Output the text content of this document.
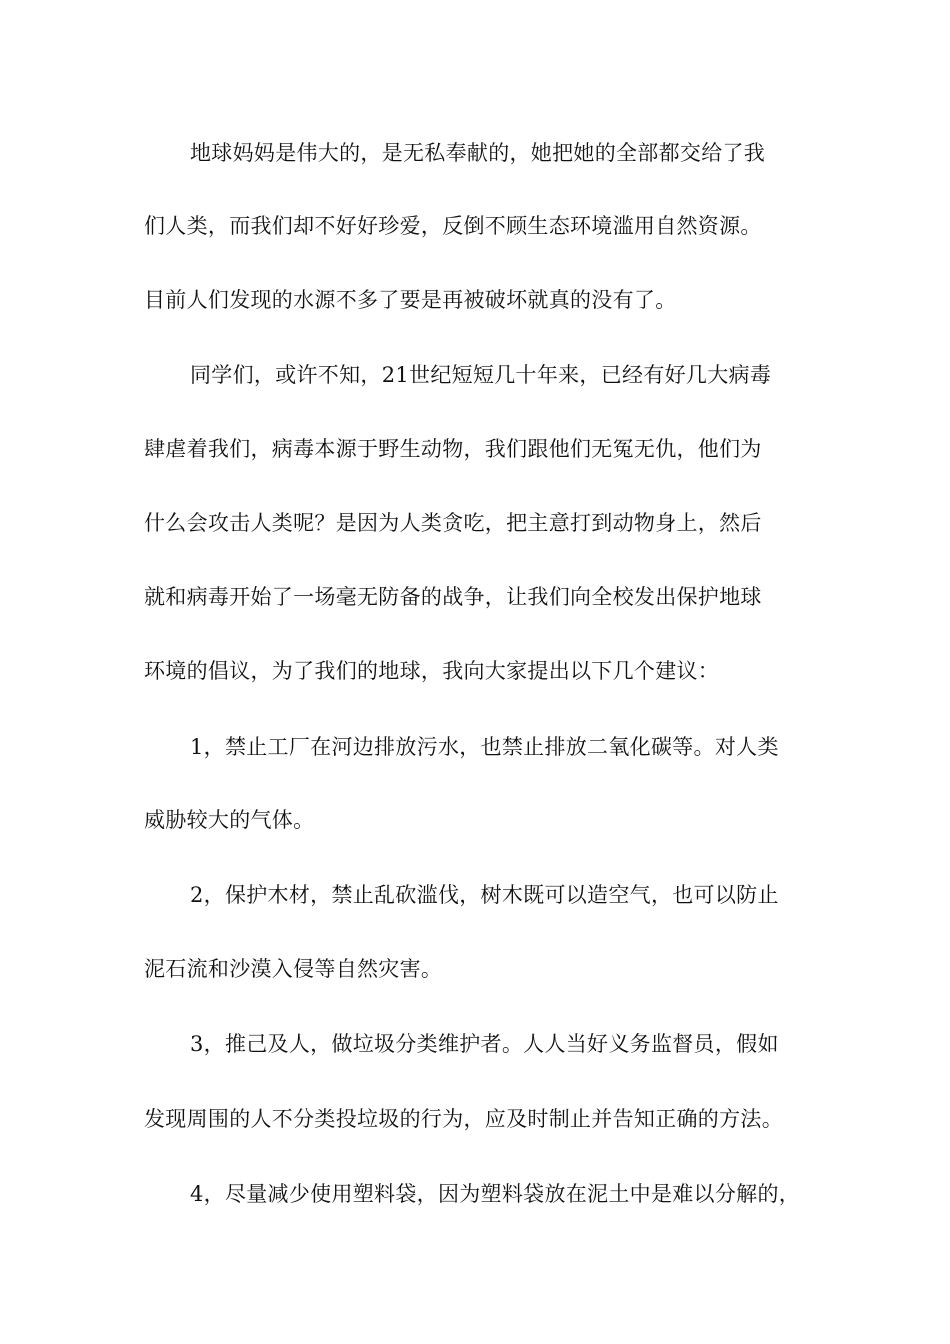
地球妈妈是伟大的，是无私奉献的，她把她的全部都交给了我
们人类，而我们却不好好珍爱，反倒不顾生态环境滥用自然资源。
目前人们发现的水源不多了要是再被破坏就真的没有了。
同学们，或许不知，21世纪短短几十年来，已经有好几大病毒
肆虐着我们，病毒本源于野生动物，我们跟他们无冤无仇，他们为
什么会攻击人类呢？是因为人类贪吃，把主意打到动物身上，然后
就和病毒开始了一场毫无防备的战争，让我们向全校发出保护地球
环境的倡议，为了我们的地球，我向大家提出以下几个建议：
1，禁止工厂在河边排放污水，也禁止排放二氧化碳等。对人类
威胁较大的气体。
2，保护木材，禁止乱砍滥伐，树木既可以造空气，也可以防止
泥石流和沙漠入侵等自然灾害。
3，推己及人，做垃圾分类维护者。人人当好义务监督员，假如
发现周围的人不分类投垃圾的行为，应及时制止并告知正确的方法。
4，尽量减少使用塑料袋，因为塑料袋放在泥土中是难以分解的，
